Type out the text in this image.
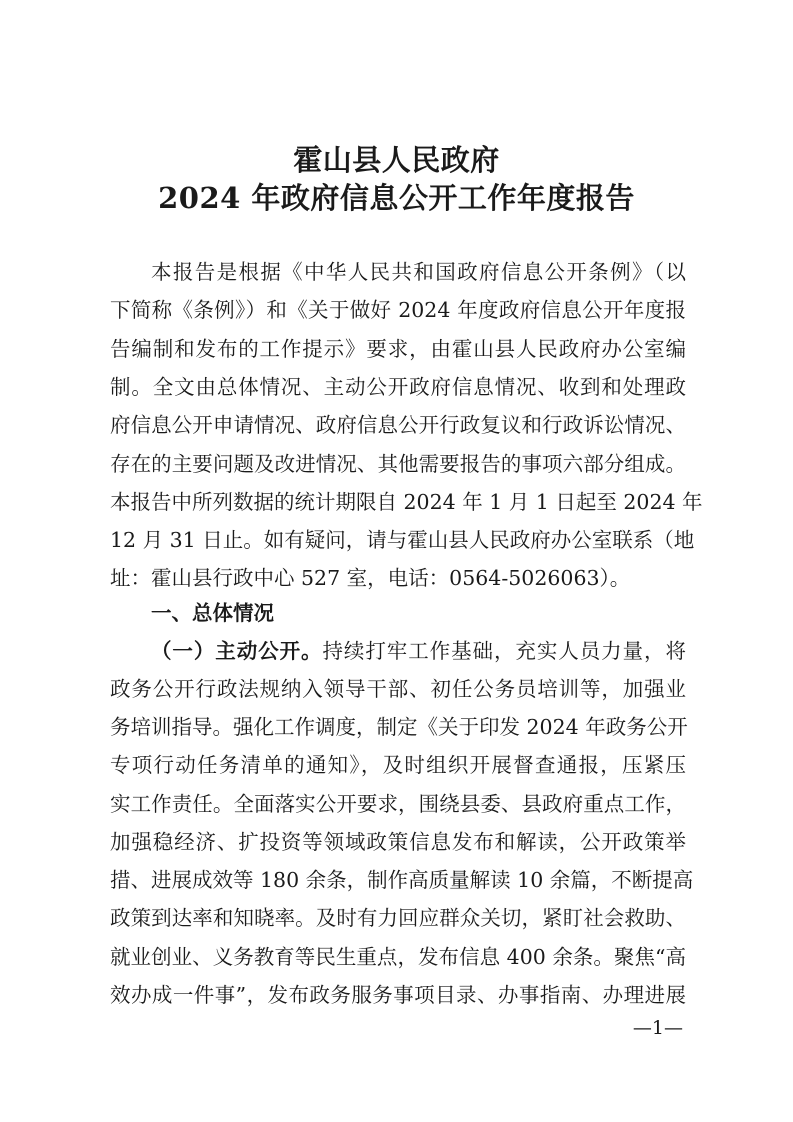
霍山县人民政府
2024 年政府信息公开工作年度报告
本报告是根据《中华人民共和国政府信息公开条例》（以
下简称《条例》）和《关于做好 2024 年度政府信息公开年度报
告编制和发布的工作提示》要求，由霍山县人民政府办公室编
制。全文由总体情况、主动公开政府信息情况、收到和处理政
府信息公开申请情况、政府信息公开行政复议和行政诉讼情况、
存在的主要问题及改进情况、其他需要报告的事项六部分组成。
本报告中所列数据的统计期限自 2024 年 1 月 1 日起至 2024 年
12 月 31 日止。如有疑问，请与霍山县人民政府办公室联系（地
址：霍山县行政中心 527 室，电话：0564-5026063）。
一、总体情况
（一）主动公开。持续打牢工作基础，充实人员力量，将
政务公开行政法规纳入领导干部、初任公务员培训等，加强业
务培训指导。强化工作调度，制定《关于印发 2024 年政务公开
专项行动任务清单的通知》，及时组织开展督查通报，压紧压
实工作责任。全面落实公开要求，围绕县委、县政府重点工作，
加强稳经济、扩投资等领域政策信息发布和解读，公开政策举
措、进展成效等 180 余条，制作高质量解读 10 余篇，不断提高
政策到达率和知晓率。及时有力回应群众关切，紧盯社会救助、
就业创业、义务教育等民生重点，发布信息 400 余条。聚焦“高
效办成一件事”，发布政务服务事项目录、办事指南、办理进展
—1—
